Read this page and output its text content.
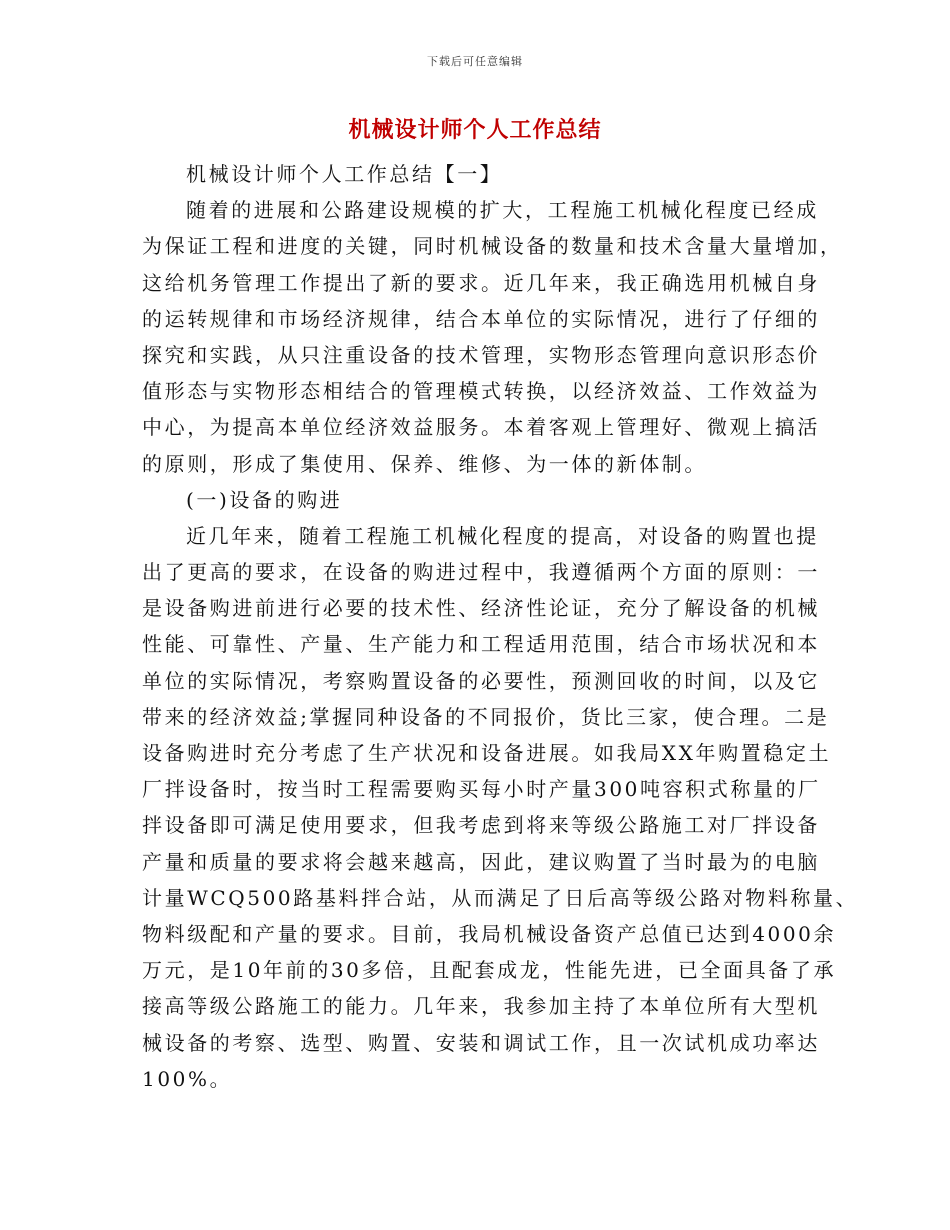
下载后可任意编辑
机械设计师个人工作总结
机械设计师个人工作总结【一】
随着的进展和公路建设规模的扩大，工程施工机械化程度已经成
为保证工程和进度的关键，同时机械设备的数量和技术含量大量增加，
这给机务管理工作提出了新的要求。近几年来，我正确选用机械自身
的运转规律和市场经济规律，结合本单位的实际情况，进行了仔细的
探究和实践，从只注重设备的技术管理，实物形态管理向意识形态价
值形态与实物形态相结合的管理模式转换，以经济效益、工作效益为
中心，为提高本单位经济效益服务。本着客观上管理好、微观上搞活
的原则，形成了集使用、保养、维修、为一体的新体制。
(一)设备的购进
近几年来，随着工程施工机械化程度的提高，对设备的购置也提
出了更高的要求，在设备的购进过程中，我遵循两个方面的原则：一
是设备购进前进行必要的技术性、经济性论证，充分了解设备的机械
性能、可靠性、产量、生产能力和工程适用范围，结合市场状况和本
单位的实际情况，考察购置设备的必要性，预测回收的时间，以及它
带来的经济效益;掌握同种设备的不同报价，货比三家，使合理。二是
设备购进时充分考虑了生产状况和设备进展。如我局XX年购置稳定土
厂拌设备时，按当时工程需要购买每小时产量300吨容积式称量的厂
拌设备即可满足使用要求，但我考虑到将来等级公路施工对厂拌设备
产量和质量的要求将会越来越高，因此，建议购置了当时最为的电脑
计量WCQ500路基料拌合站，从而满足了日后高等级公路对物料称量、
物料级配和产量的要求。目前，我局机械设备资产总值已达到4000余
万元，是10年前的30多倍，且配套成龙，性能先进，已全面具备了承
接高等级公路施工的能力。几年来，我参加主持了本单位所有大型机
械设备的考察、选型、购置、安装和调试工作，且一次试机成功率达
100%。
